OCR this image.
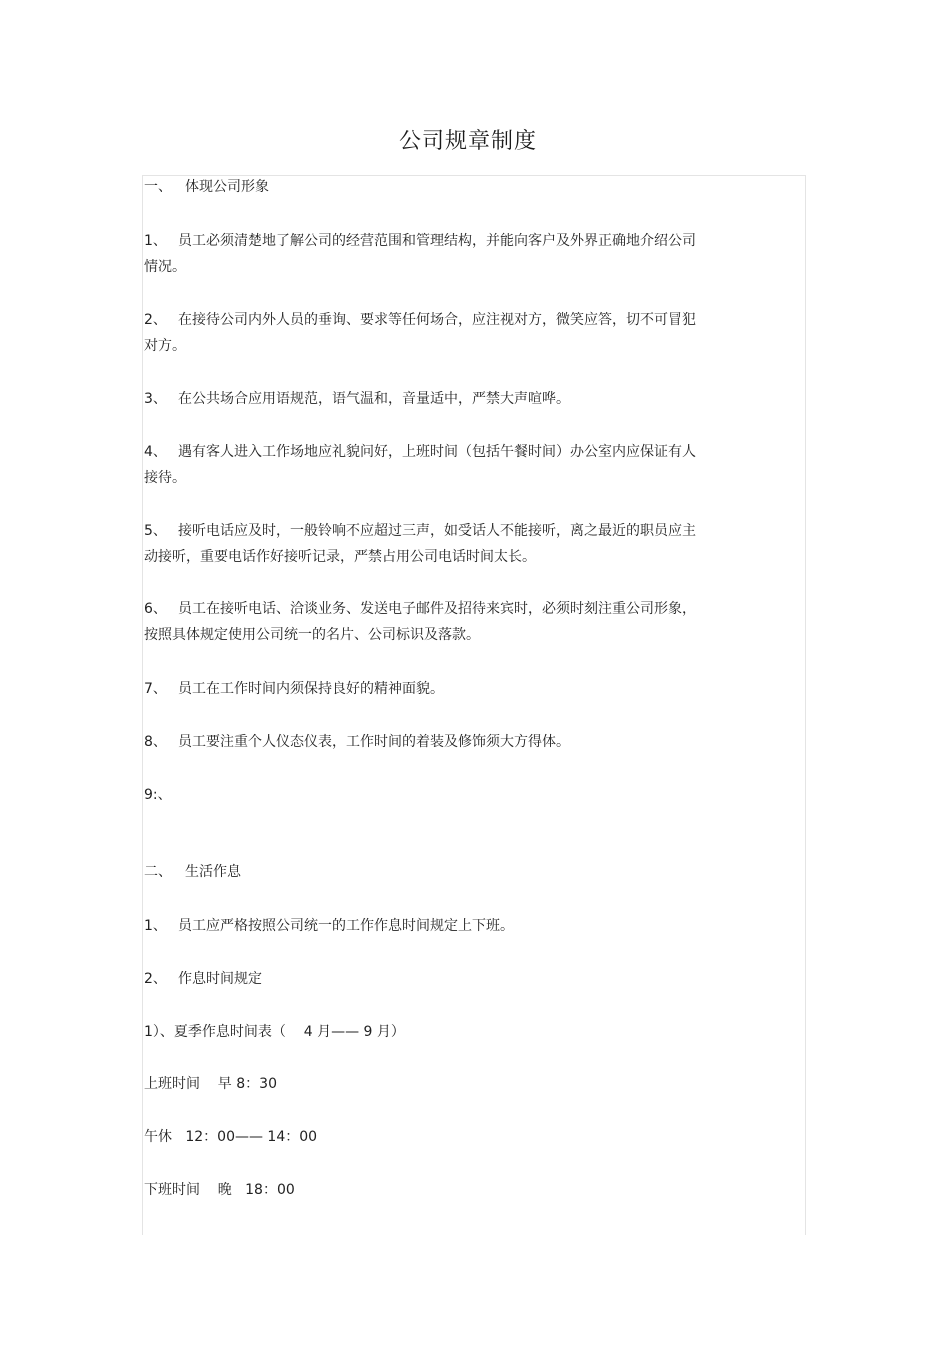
公司规章制度
一、 体现公司形象
1、 员工必须清楚地了解公司的经营范围和管理结构，并能向客户及外界正确地介绍公司
情况。
2、 在接待公司内外人员的垂询、要求等任何场合，应注视对方，微笑应答，切不可冒犯
对方。
3、 在公共场合应用语规范，语气温和，音量适中，严禁大声喧哗。
4、 遇有客人进入工作场地应礼貌问好，上班时间（包括午餐时间）办公室内应保证有人
接待。
5、 接听电话应及时，一般铃响不应超过三声，如受话人不能接听，离之最近的职员应主
动接听，重要电话作好接听记录，严禁占用公司电话时间太长。
6、 员工在接听电话、洽谈业务、发送电子邮件及招待来宾时，必须时刻注重公司形象，
按照具体规定使用公司统一的名片、公司标识及落款。
7、 员工在工作时间内须保持良好的精神面貌。
8、 员工要注重个人仪态仪表，工作时间的着装及修饰须大方得体。
9:、
二、 生活作息
1、 员工应严格按照公司统一的工作作息时间规定上下班。
2、 作息时间规定
1）、夏季作息时间表（    4 月—— 9 月）
上班时间    早 8：30
午休   12：00—— 14：00
下班时间    晚   18：00
